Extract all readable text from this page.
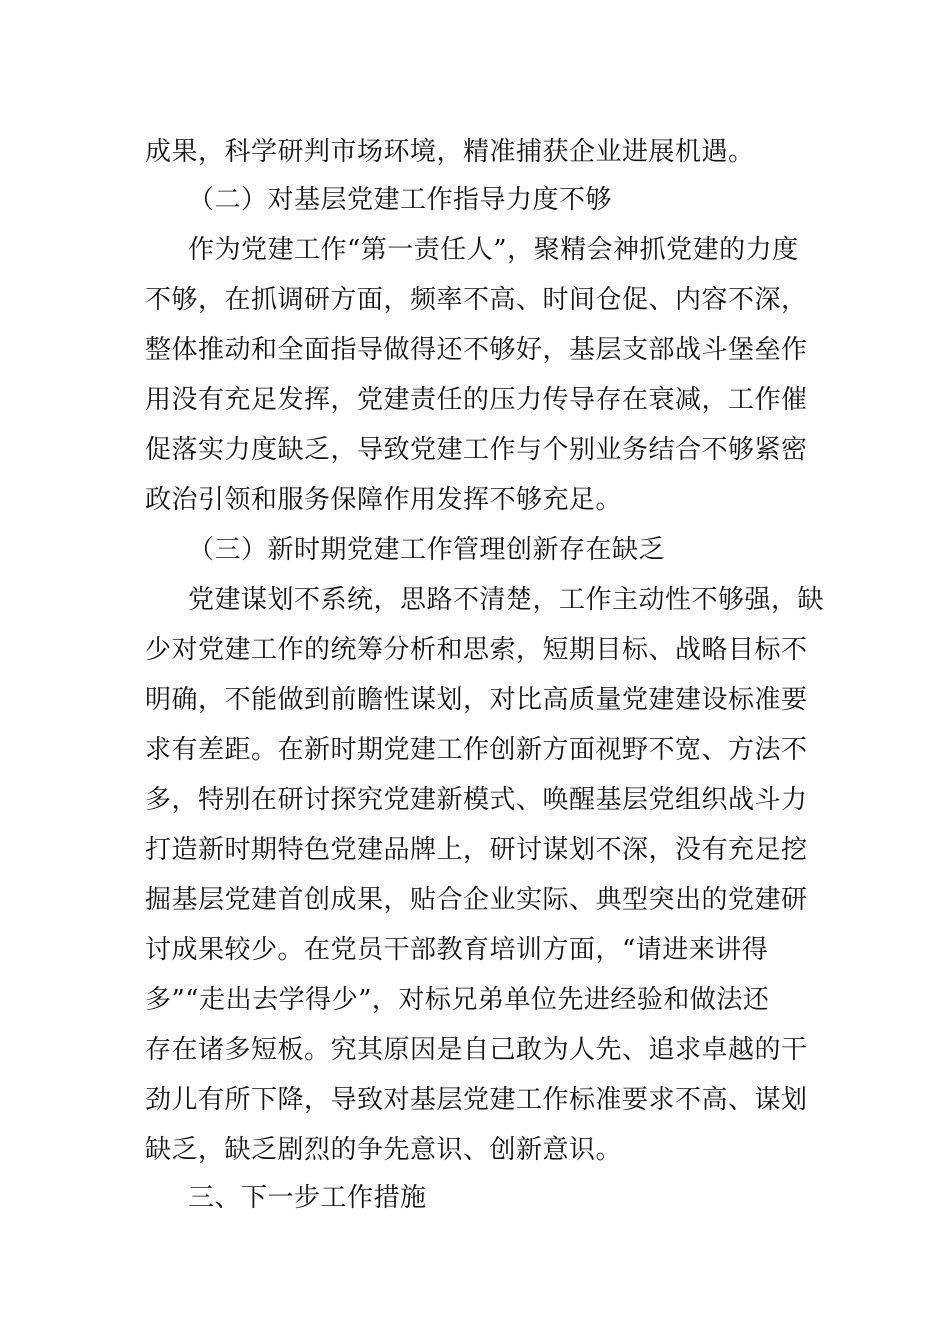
成果，科学研判市场环境，精准捕获企业进展机遇。
（二）对基层党建工作指导力度不够
作为党建工作“第一责任人”，聚精会神抓党建的力度
不够，在抓调研方面，频率不高、时间仓促、内容不深，
整体推动和全面指导做得还不够好，基层支部战斗堡垒作
用没有充足发挥，党建责任的压力传导存在衰减，工作催
促落实力度缺乏，导致党建工作与个别业务结合不够紧密
政治引领和服务保障作用发挥不够充足。
（三）新时期党建工作管理创新存在缺乏
党建谋划不系统，思路不清楚，工作主动性不够强，缺
少对党建工作的统筹分析和思索，短期目标、战略目标不
明确，不能做到前瞻性谋划，对比高质量党建建设标准要
求有差距。在新时期党建工作创新方面视野不宽、方法不
多，特别在研讨探究党建新模式、唤醒基层党组织战斗力
打造新时期特色党建品牌上，研讨谋划不深，没有充足挖
掘基层党建首创成果，贴合企业实际、典型突出的党建研
讨成果较少。在党员干部教育培训方面，“请进来讲得
多”“走出去学得少”，对标兄弟单位先进经验和做法还
存在诸多短板。究其原因是自己敢为人先、追求卓越的干
劲儿有所下降，导致对基层党建工作标准要求不高、谋划
缺乏，缺乏剧烈的争先意识、创新意识。
三、下一步工作措施
